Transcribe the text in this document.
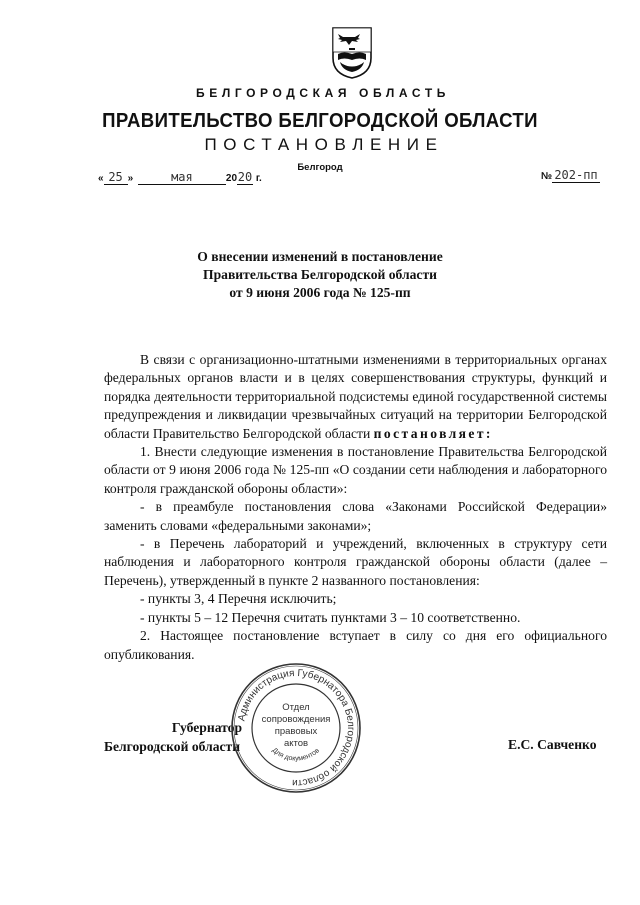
БЕЛГОРОДСКАЯ ОБЛАСТЬ
ПРАВИТЕЛЬСТВО БЕЛГОРОДСКОЙ ОБЛАСТИ
ПОСТАНОВЛЕНИЕ
Белгород
« 25 »	мая	2020 г.	№ 202-пп
О внесении изменений в постановление
Правительства Белгородской области
от 9 июня 2006 года № 125-пп

В связи с организационно-штатными изменениями в территориальных органах федеральных органов власти и в целях совершенствования структуры, функций и порядка деятельности территориальной подсистемы единой государственной системы предупреждения и ликвидации чрезвычайных ситуаций на территории Белгородской области Правительство Белгородской области постановляет:

1. Внести следующие изменения в постановление Правительства Белгородской области от 9 июня 2006 года № 125-пп «О создании сети наблюдения и лабораторного контроля гражданской обороны области»:

- в преамбуле постановления слова «Законами Российской Федерации» заменить словами «федеральными законами»;

- в Перечень лабораторий и учреждений, включенных в структуру сети наблюдения и лабораторного контроля гражданской обороны области (далее – Перечень), утвержденный в пункте 2 названного постановления:

- пункты 3, 4 Перечня исключить;

- пункты 5 – 12 Перечня считать пунктами 3 – 10 соответственно.

2. Настоящее постановление вступает в силу со дня его официального опубликования.

Губернатор
Белгородской области	Е.С. Савченко
Администрация Губернатора Белгородской области
Для документов
Отдел
сопровождения
правовых
актов
